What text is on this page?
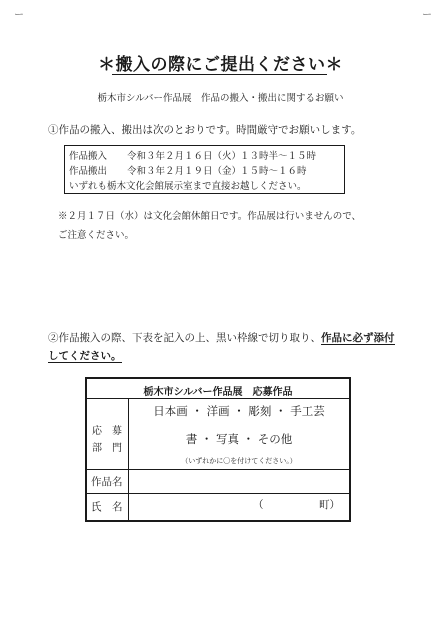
ー	ー
＊搬入の際にご提出ください＊
栃木市シルバー作品展　作品の搬入・搬出に関するお願い
①作品の搬入、搬出は次のとおりです。時間厳守でお願いします。
作品搬入 令和３年２月１６日（火）１３時半～１５時
作品搬出 令和３年２月１９日（金）１５時～１６時
いずれも栃木文化会館展示室まで直接お越しください。
※２月１７日（水）は文化会館休館日です。作品展は行いませんので、
ご注意ください。
②作品搬入の際、下表を記入の上、黒い枠線で切り取り、作品に必ず添付
してください。
栃木市シルバー作品展　応募作品
応　募
部　門
日本画 ・ 洋画 ・ 彫刻 ・ 手工芸
書 ・ 写真 ・ その他
（いずれかに〇を付けてください。）
作品名
氏　名	（	町）
